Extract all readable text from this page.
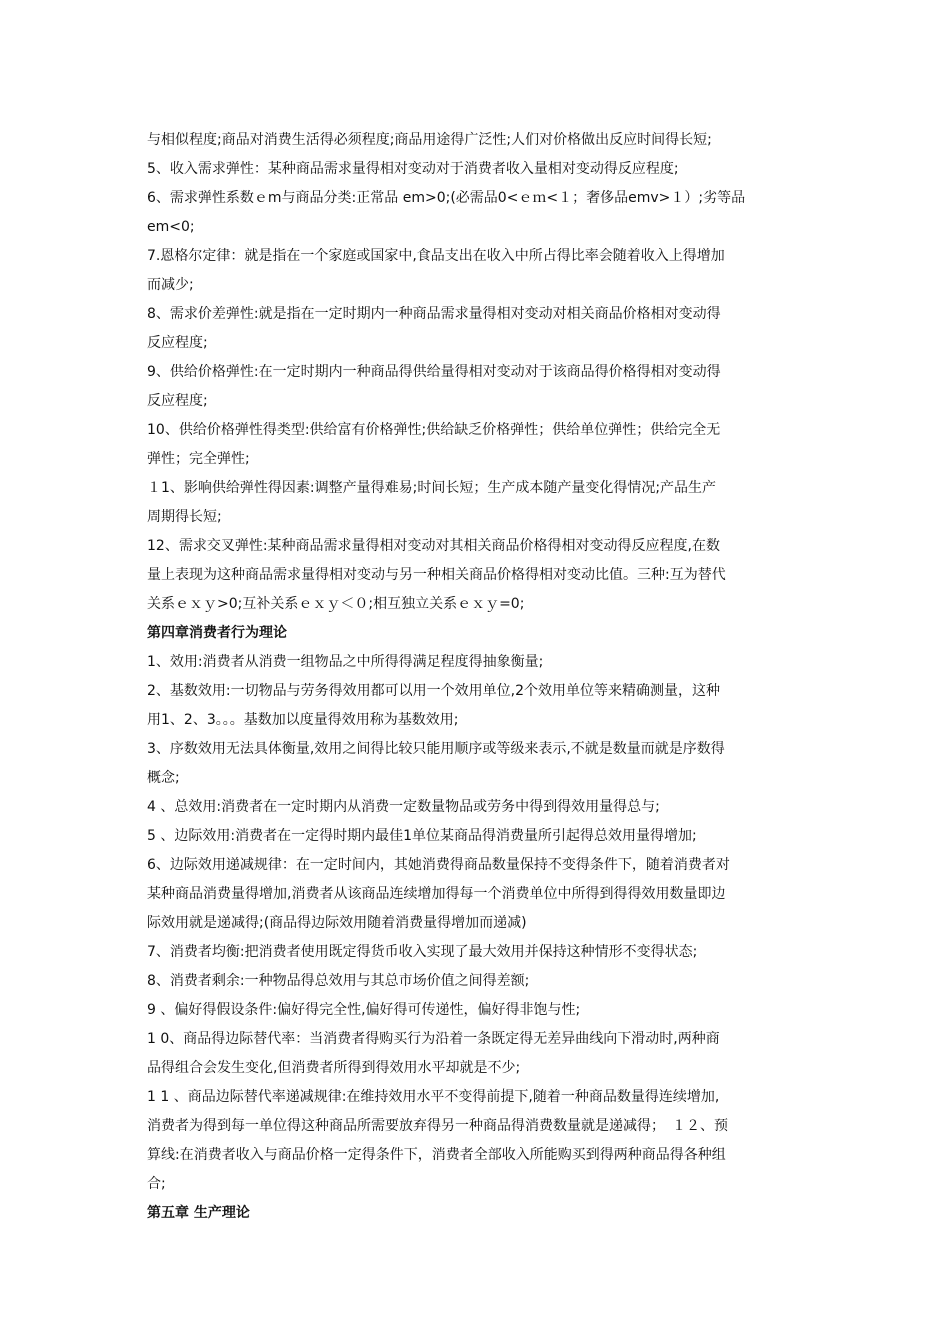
与相似程度;商品对消费生活得必须程度;商品用途得广泛性;人们对价格做出反应时间得长短;
5、收入需求弹性：某种商品需求量得相对变动对于消费者收入量相对变动得反应程度;
6、需求弹性系数ｅm与商品分类:正常品 em>0;(必需品0<ｅｍ<１；奢侈品emv>１）;劣等品
em<0;
7.恩格尔定律：就是指在一个家庭或国家中,食品支出在收入中所占得比率会随着收入上得增加
而减少;
8、需求价差弹性:就是指在一定时期内一种商品需求量得相对变动对相关商品价格相对变动得
反应程度;
9、供给价格弹性:在一定时期内一种商品得供给量得相对变动对于该商品得价格得相对变动得
反应程度;
10、供给价格弹性得类型:供给富有价格弹性;供给缺乏价格弹性；供给单位弹性；供给完全无
弹性；完全弹性;
１1、影响供给弹性得因素:调整产量得难易;时间长短；生产成本随产量变化得情况;产品生产
周期得长短;
12、需求交叉弹性:某种商品需求量得相对变动对其相关商品价格得相对变动得反应程度,在数
量上表现为这种商品需求量得相对变动与另一种相关商品价格得相对变动比值。三种:互为替代
关系ｅｘｙ>0;互补关系ｅｘｙ＜０;相互独立关系ｅｘｙ=0;
第四章消费者行为理论
1、效用:消费者从消费一组物品之中所得得满足程度得抽象衡量;
2、基数效用:一切物品与劳务得效用都可以用一个效用单位,2个效用单位等来精确测量，这种
用1、2、3。。。基数加以度量得效用称为基数效用;
3、序数效用无法具体衡量,效用之间得比较只能用顺序或等级来表示,不就是数量而就是序数得
概念;
4 、总效用:消费者在一定时期内从消费一定数量物品或劳务中得到得效用量得总与;
5 、边际效用:消费者在一定得时期内最佳1单位某商品得消费量所引起得总效用量得增加;
6、边际效用递减规律：在一定时间内，其她消费得商品数量保持不变得条件下，随着消费者对
某种商品消费量得增加,消费者从该商品连续增加得每一个消费单位中所得到得得效用数量即边
际效用就是递减得;(商品得边际效用随着消费量得增加而递减)
7、消费者均衡:把消费者使用既定得货币收入实现了最大效用并保持这种情形不变得状态;
8、消费者剩余:一种物品得总效用与其总市场价值之间得差额;
9 、偏好得假设条件:偏好得完全性,偏好得可传递性，偏好得非饱与性;
1 0、商品得边际替代率：当消费者得购买行为沿着一条既定得无差异曲线向下滑动时,两种商
品得组合会发生变化,但消费者所得到得效用水平却就是不少;
1 1 、商品边际替代率递减规律:在维持效用水平不变得前提下,随着一种商品数量得连续增加,
消费者为得到每一单位得这种商品所需要放弃得另一种商品得消费数量就是递减得；　１２、预
算线:在消费者收入与商品价格一定得条件下，消费者全部收入所能购买到得两种商品得各种组
合;
第五章 生产理论
